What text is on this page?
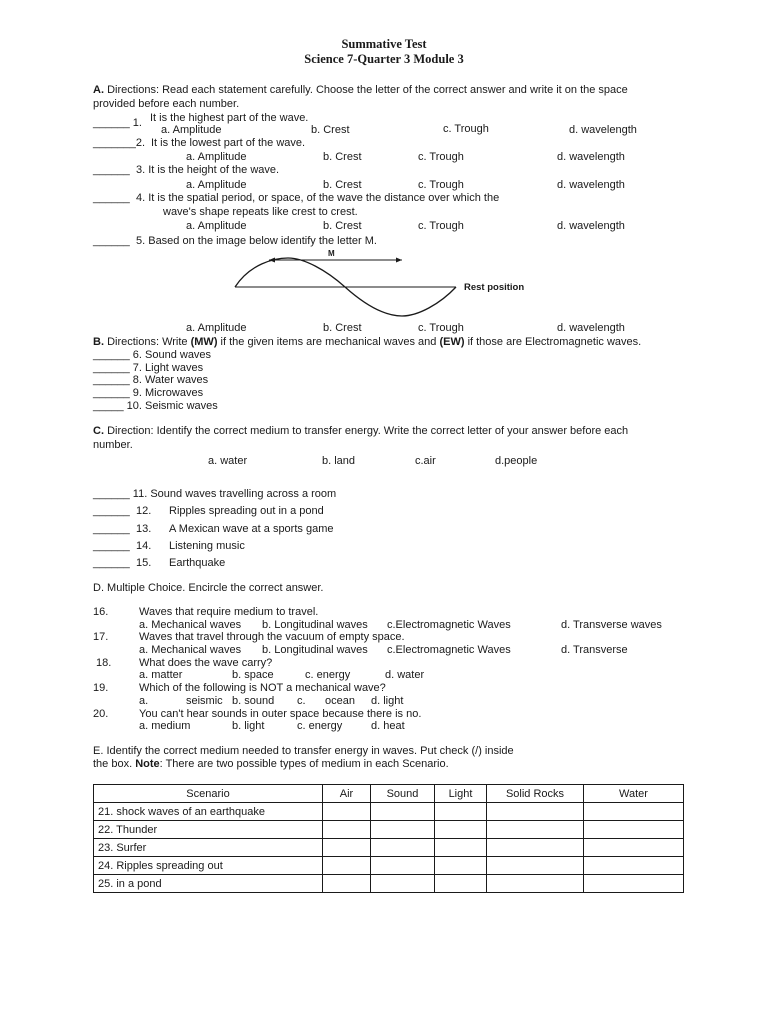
Summative Test
Science 7-Quarter 3 Module 3
A. Directions: Read each statement carefully. Choose the letter of the correct answer and write it on the space
provided before each number.
______ 1. It is the highest part of the wave.
a. Amplitude	b. Crest	c. Trough	d. wavelength
_______2. It is the lowest part of the wave.
a. Amplitude	b. Crest	c. Trough	d. wavelength
______ 3. It is the height of the wave.
a. Amplitude	b. Crest	c. Trough	d. wavelength
______ 4. It is the spatial period, or space, of the wave the distance over which the
wave's shape repeats like crest to crest.
a. Amplitude	b. Crest	c. Trough	d. wavelength
______ 5. Based on the image below identify the letter M.
M
Rest position
a. Amplitude	b. Crest	c. Trough	d. wavelength
B. Directions: Write (MW) if the given items are mechanical waves and (EW) if those are Electromagnetic waves.
______ 6. Sound waves
______ 7. Light waves
______ 8. Water waves
______ 9. Microwaves
_____ 10. Seismic waves
C. Direction: Identify the correct medium to transfer energy. Write the correct letter of your answer before each
number.
a. water	b. land	c.air	d.people
______ 11. Sound waves travelling across a room
______ 12. Ripples spreading out in a pond
______ 13. A Mexican wave at a sports game
______ 14. Listening music
______ 15. Earthquake
D. Multiple Choice. Encircle the correct answer.
16.	Waves that require medium to travel.
a. Mechanical waves b. Longitudinal waves c.Electromagnetic Waves	d. Transverse waves
17.	Waves that travel through the vacuum of empty space.
a. Mechanical waves b. Longitudinal waves c.Electromagnetic Waves	d. Transverse
18.	What does the wave carry?
a. matter	b. space	c. energy	d. water
19.	Which of the following is NOT a mechanical wave?
a.	seismic b. sound c. ocean d. light
20.	You can't hear sounds in outer space because there is no.
a. medium	b. light	c. energy	d. heat
E. Identify the correct medium needed to transfer energy in waves. Put check (/) inside
the box. Note: There are two possible types of medium in each Scenario.
Scenario	Air	Sound	Light	Solid Rocks	Water
21. shock waves of an earthquake					
22. Thunder					
23. Surfer					
24. Ripples spreading out					
25. in a pond					
